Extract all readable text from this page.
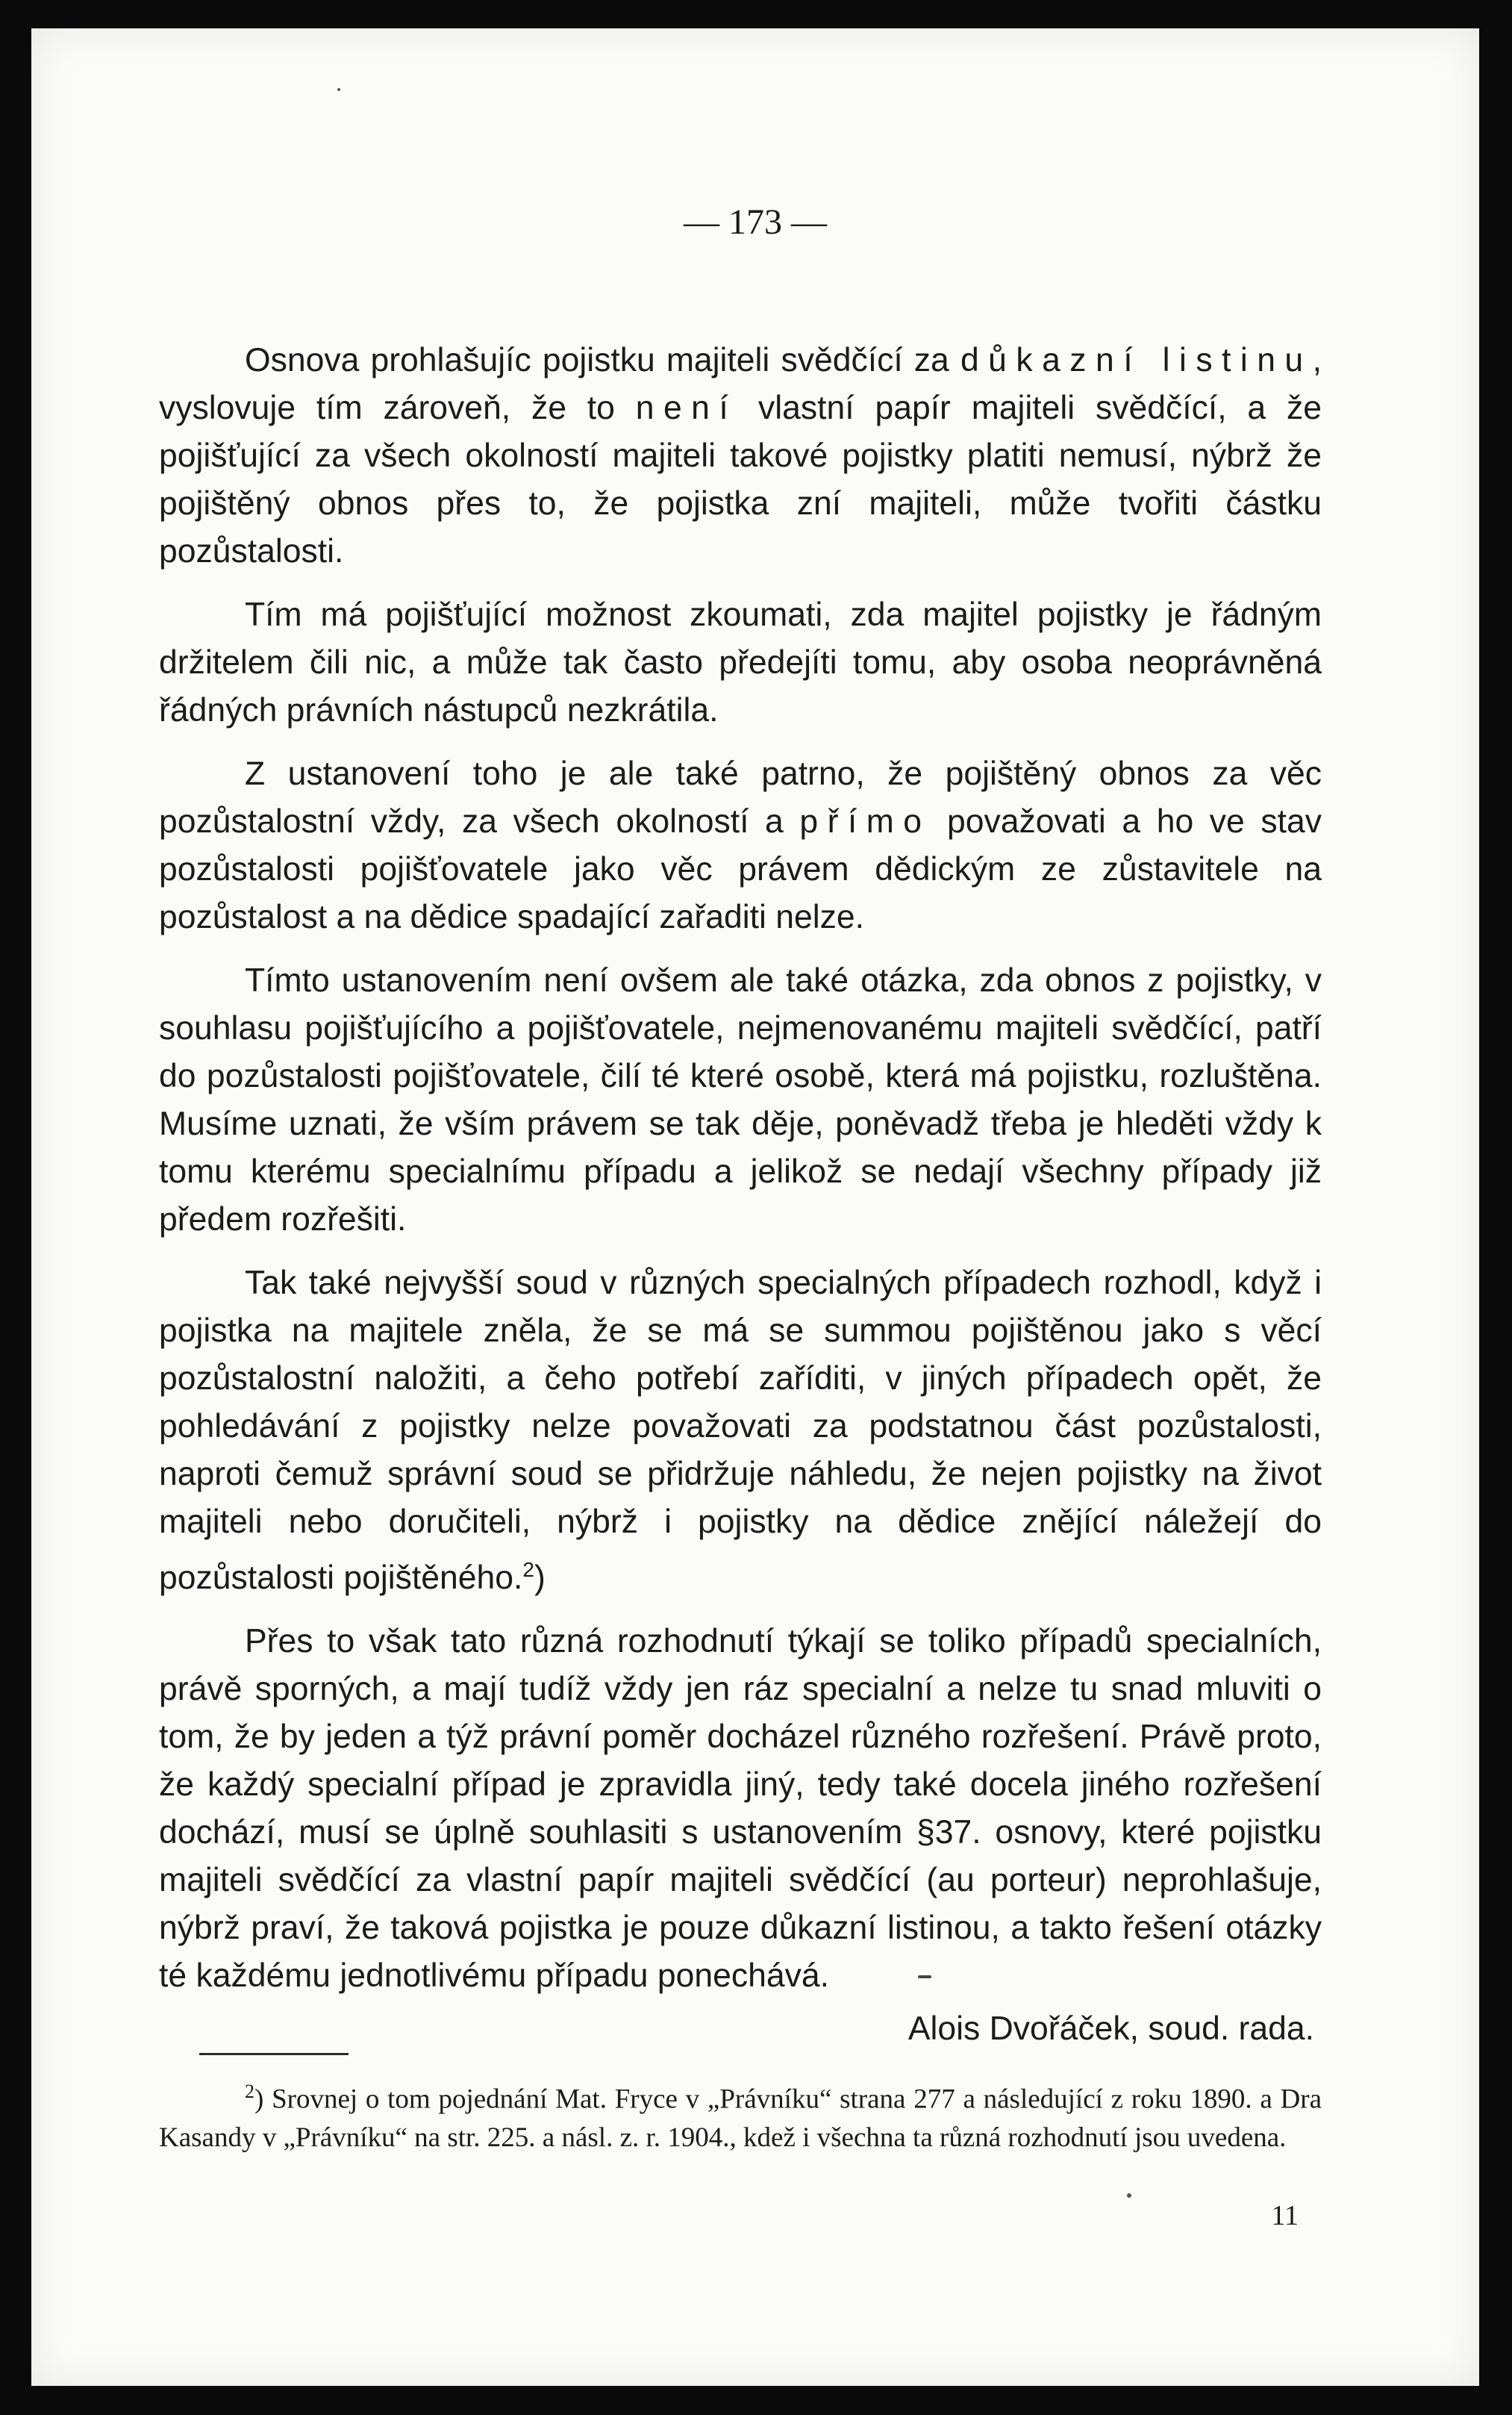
— 173 —

Osnova prohlašujíc pojistku majiteli svědčící za důkazní listinu, vyslovuje tím zároveň, že to není vlastní papír majiteli svědčící, a že pojišťující za všech okolností majiteli takové pojistky platiti nemusí, nýbrž že pojištěný obnos přes to, že pojistka zní majiteli, může tvořiti částku pozůstalosti.

Tím má pojišťující možnost zkoumati, zda majitel pojistky je řádným držitelem čili nic, a může tak často předejíti tomu, aby osoba neoprávněná řádných právních nástupců nezkrátila.

Z ustanovení toho je ale také patrno, že pojištěný obnos za věc pozůstalostní vždy, za všech okolností a přímo považovati a ho ve stav pozůstalosti pojišťovatele jako věc právem dědickým ze zůstavitele na pozůstalost a na dědice spadající zařaditi nelze.

Tímto ustanovením není ovšem ale také otázka, zda obnos z pojistky, v souhlasu pojišťujícího a pojišťovatele, nejmenovanému majiteli svědčící, patří do pozůstalosti pojišťovatele, čilí té které osobě, která má pojistku, rozluštěna. Musíme uznati, že vším právem se tak děje, poněvadž třeba je hleděti vždy k tomu kterému specialnímu případu a jelikož se nedají všechny případy již předem rozřešiti.

Tak také nejvyšší soud v různých specialných případech rozhodl, když i pojistka na majitele zněla, že se má se summou pojištěnou jako s věcí pozůstalostní naložiti, a čeho potřebí zaříditi, v jiných případech opět, že pohledávání z pojistky nelze považovati za podstatnou část pozůstalosti, naproti čemuž správní soud se přidržuje náhledu, že nejen pojistky na život majiteli nebo doručiteli, nýbrž i pojistky na dědice znějící náležejí do pozůstalosti pojištěného.$^2$)

Přes to však tato různá rozhodnutí týkají se toliko případů specialních, právě sporných, a mají tudíž vždy jen ráz specialní a nelze tu snad mluviti o tom, že by jeden a týž právní poměr docházel různého rozřešení. Právě proto, že každý specialní případ je zpravidla jiný, tedy také docela jiného rozřešení dochází, musí se úplně souhlasiti s ustanovením §37. osnovy, které pojistku majiteli svědčící za vlastní papír majiteli svědčící (au porteur) neprohlašuje, nýbrž praví, že taková pojistka je pouze důkazní listinou, a takto řešení otázky té každému jednotlivému případu ponechává.

Alois Dvořáček, soud. rada.

$^2$) Srovnej o tom pojednání Mat. Fryce v „Právníku“ strana 277 a následující z roku 1890. a Dra Kasandy v „Právníku“ na str. 225. a násl. z. r. 1904., kdež i všechna ta různá rozhodnutí jsou uvedena.

11
